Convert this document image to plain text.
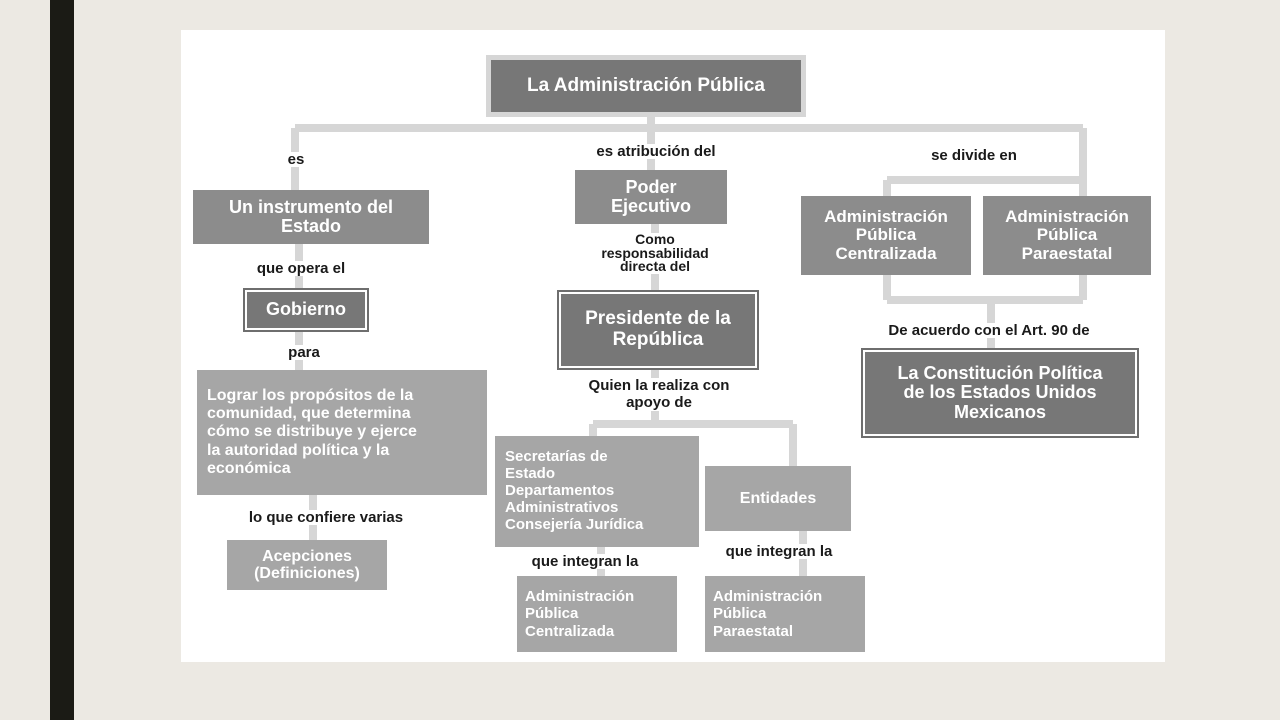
La Administración Pública
es	es atribución del	se divide en
Un instrumento del
Estado
que opera el
Gobierno
para
Lograr los propósitos de la
comunidad, que determina
cómo se distribuye y ejerce
la autoridad política y la
económica
lo que confiere varias
Acepciones
(Definiciones)
Poder
Ejecutivo
Como
responsabilidad
directa del
Presidente de la
República
Quien la realiza con
apoyo de
Secretarías de
Estado
Departamentos
Administrativos
Consejería Jurídica
Entidades
que integran la
que integran la
Administración
Pública
Centralizada
Administración
Pública
Paraestatal
Administración
Pública
Centralizada
Administración
Pública
Paraestatal
De acuerdo con el Art. 90 de
La Constitución Política
de los Estados Unidos
Mexicanos
